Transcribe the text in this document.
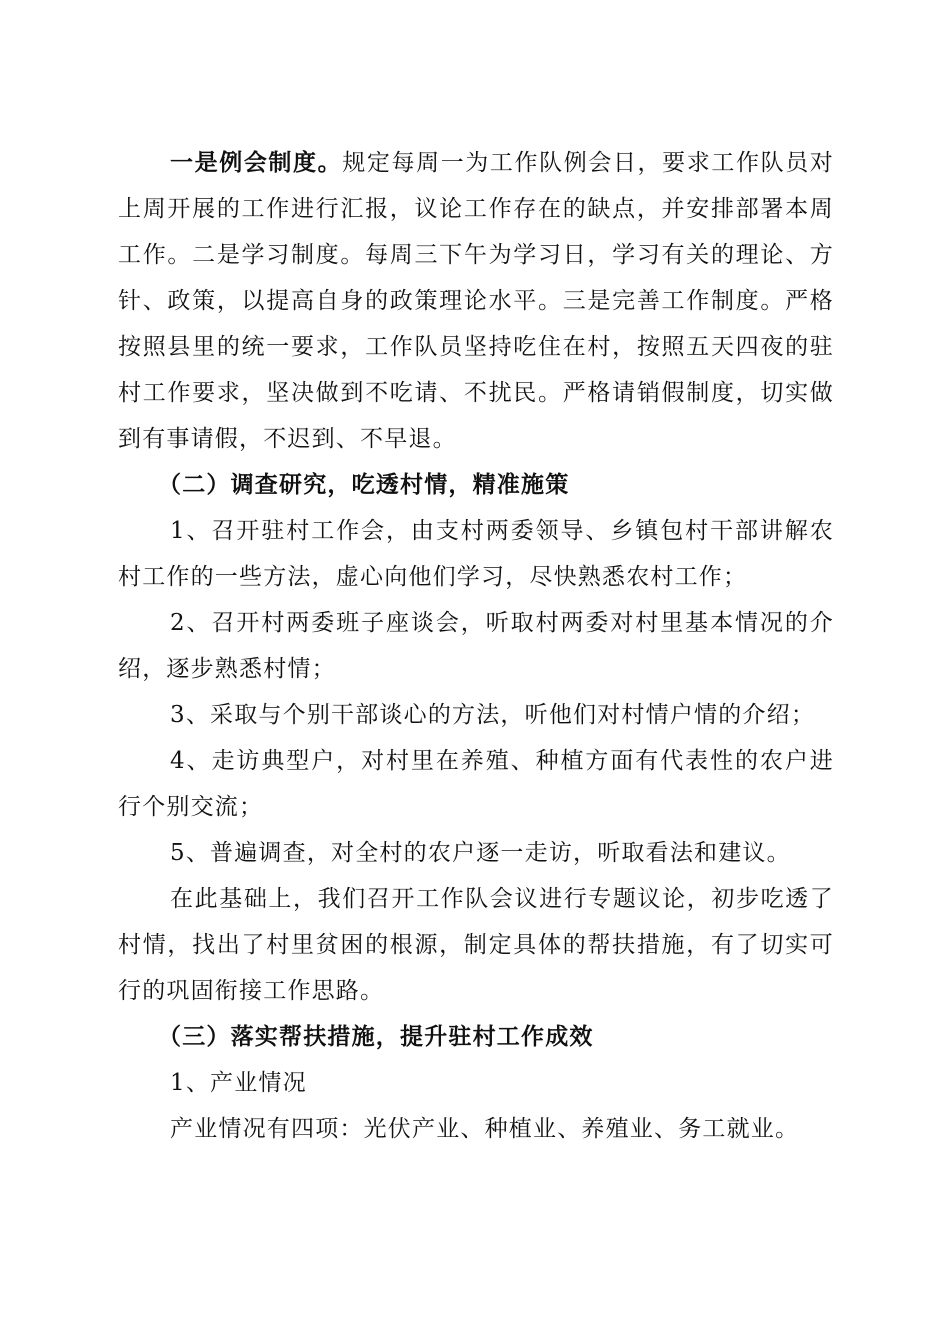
一是例会制度。规定每周一为工作队例会日，要求工作队员对上周开展的工作进行汇报，议论工作存在的缺点，并安排部署本周工作。二是学习制度。每周三下午为学习日，学习有关的理论、方针、政策，以提高自身的政策理论水平。三是完善工作制度。严格按照县里的统一要求，工作队员坚持吃住在村，按照五天四夜的驻村工作要求，坚决做到不吃请、不扰民。严格请销假制度，切实做到有事请假，不迟到、不早退。

（二）调查研究，吃透村情，精准施策

1、召开驻村工作会，由支村两委领导、乡镇包村干部讲解农村工作的一些方法，虚心向他们学习，尽快熟悉农村工作；

2、召开村两委班子座谈会，听取村两委对村里基本情况的介绍，逐步熟悉村情；

3、采取与个别干部谈心的方法，听他们对村情户情的介绍；

4、走访典型户，对村里在养殖、种植方面有代表性的农户进行个别交流；

5、普遍调查，对全村的农户逐一走访，听取看法和建议。

在此基础上，我们召开工作队会议进行专题议论，初步吃透了村情，找出了村里贫困的根源，制定具体的帮扶措施，有了切实可行的巩固衔接工作思路。

（三）落实帮扶措施，提升驻村工作成效

1、产业情况

产业情况有四项：光伏产业、种植业、养殖业、务工就业。
